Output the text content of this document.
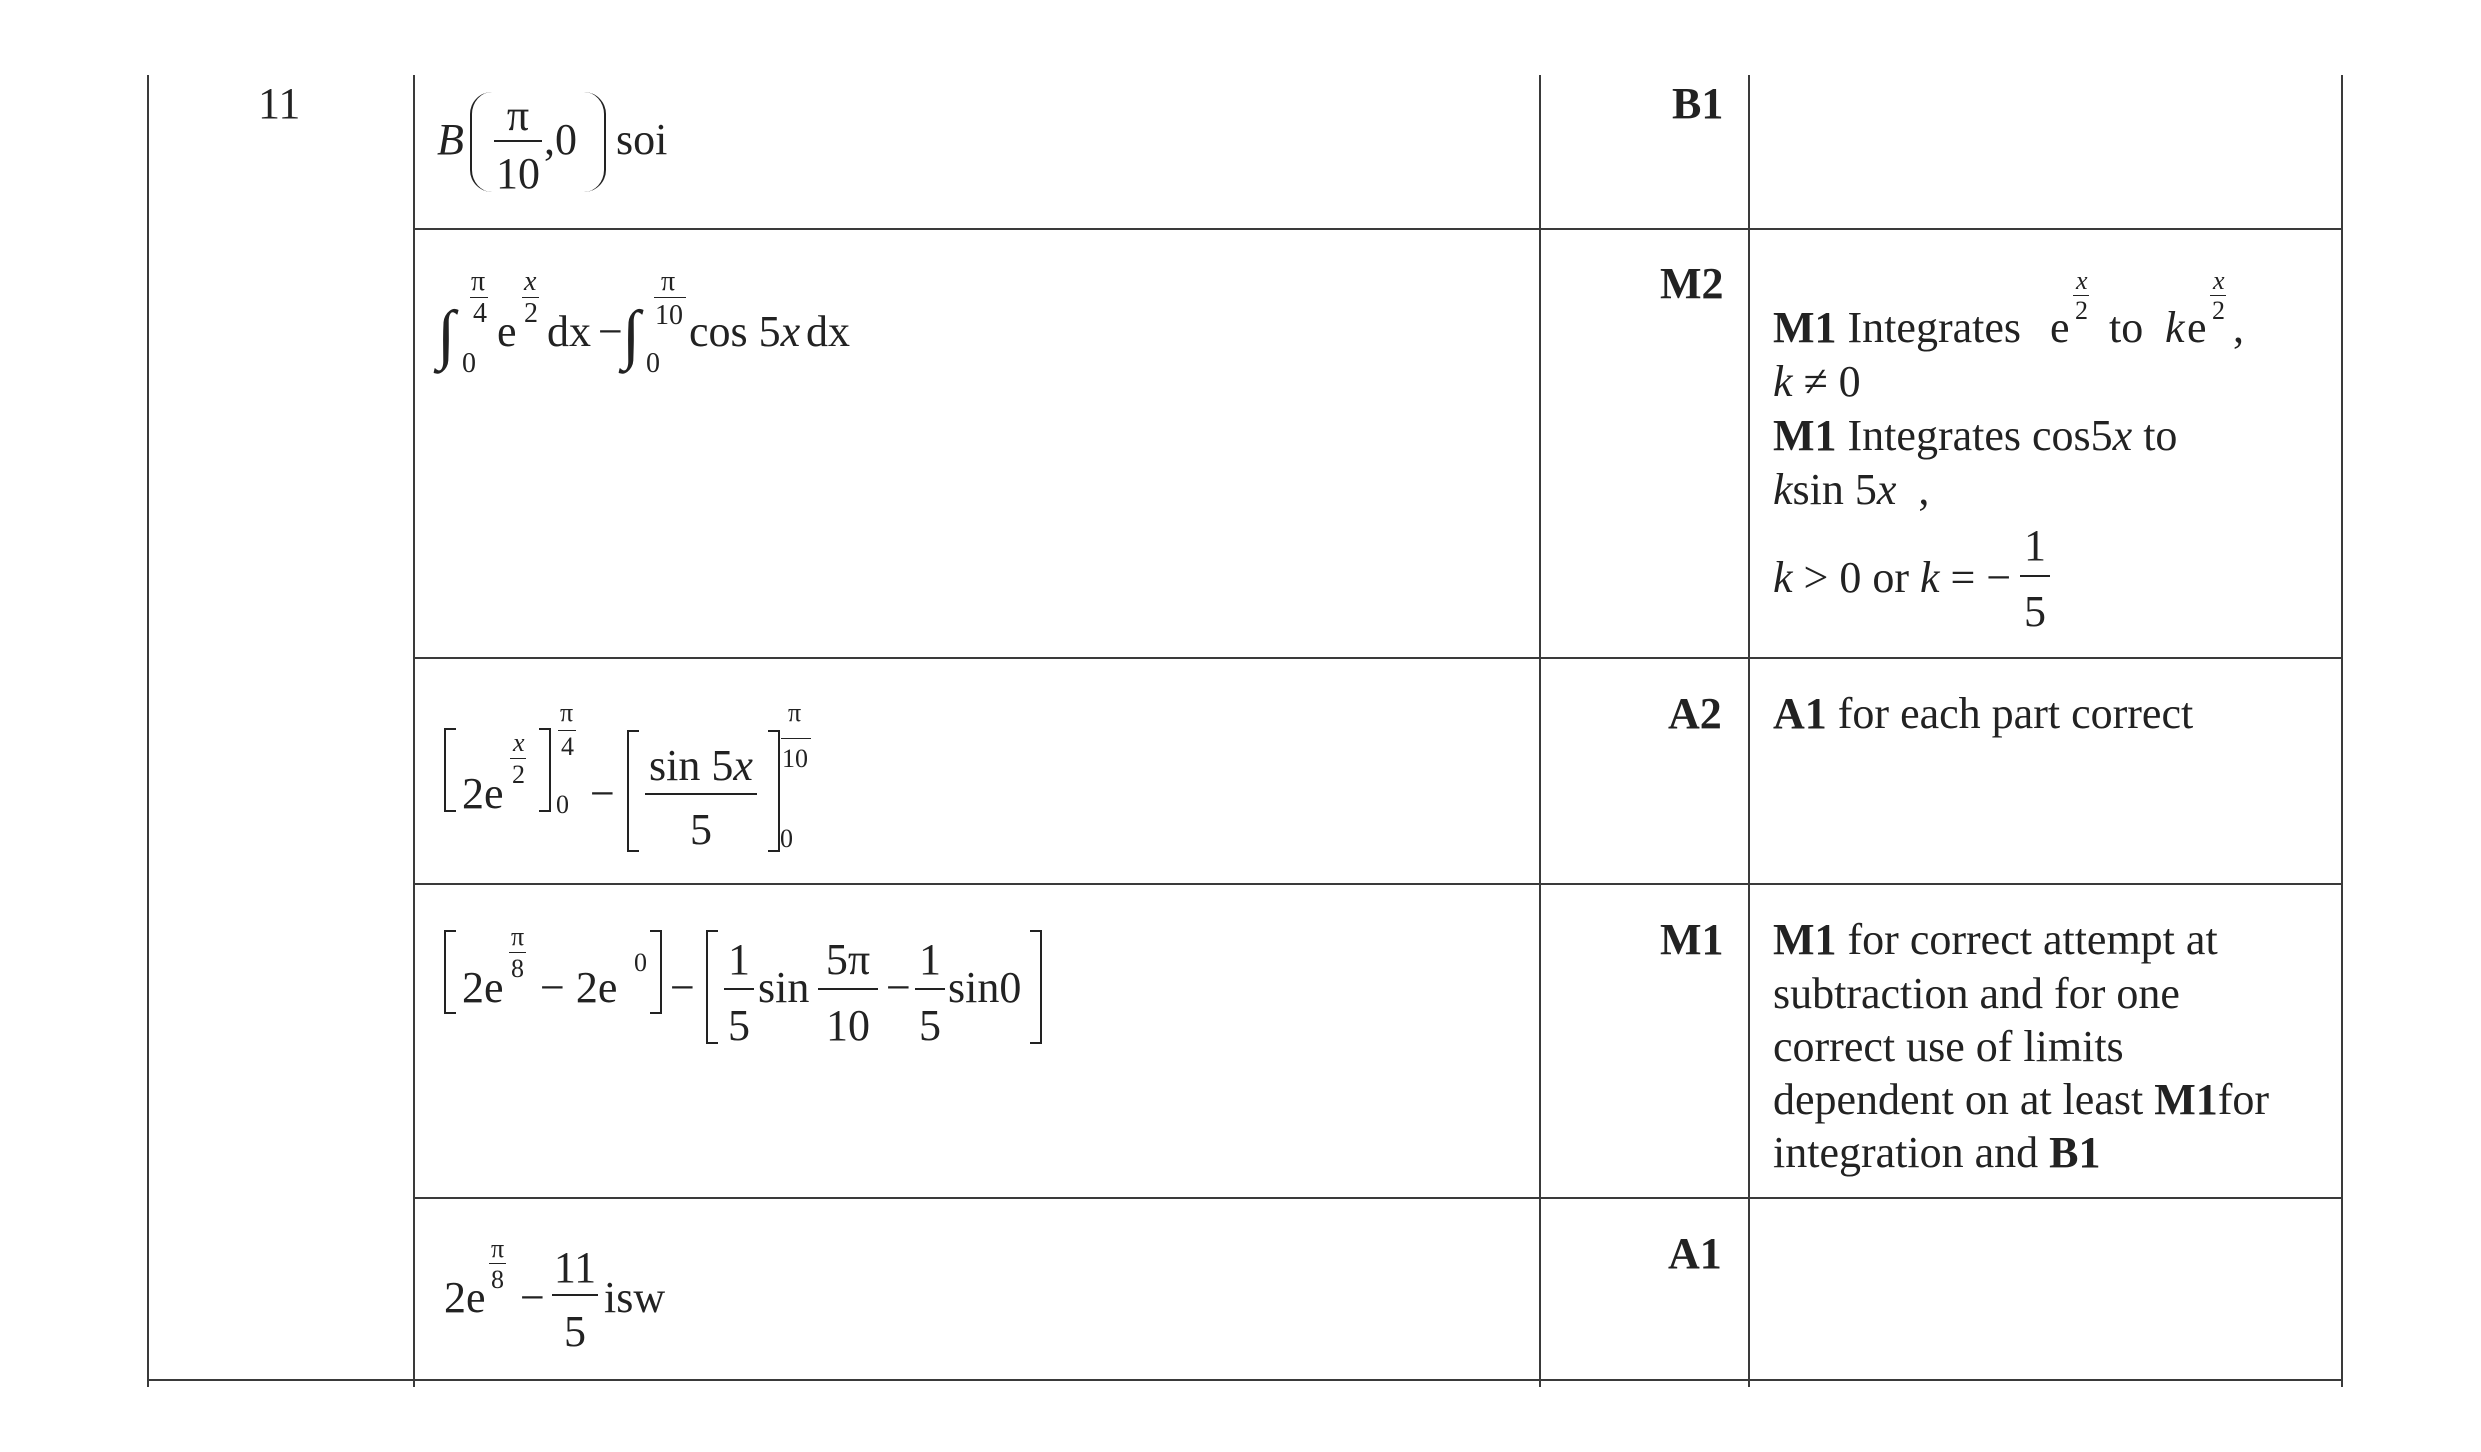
11
B π
10
,0 soi
B1
∫
π
4
0
e
x
2 dx − ∫
π
10
0
cos 5x dx
M2
M1 Integrates e
x
2 to k e
x
2 ,
k ≠ 0
M1 Integrates cos5x to
ksin 5x ,
k > 0 or k = −
1
5
A2 A1 for each part correct
2e
x
2
π
4
0 −
sin 5x
5
π
10
0
M1
2e
π
8 − 2e
0
−
1
5
sin
5π
10
−
1
5
sin0
M1 for correct attempt at
subtraction and for one
correct use of limits
dependent on at least M1for
integration and B1
A1
2e
π
8 −
11
5
isw
